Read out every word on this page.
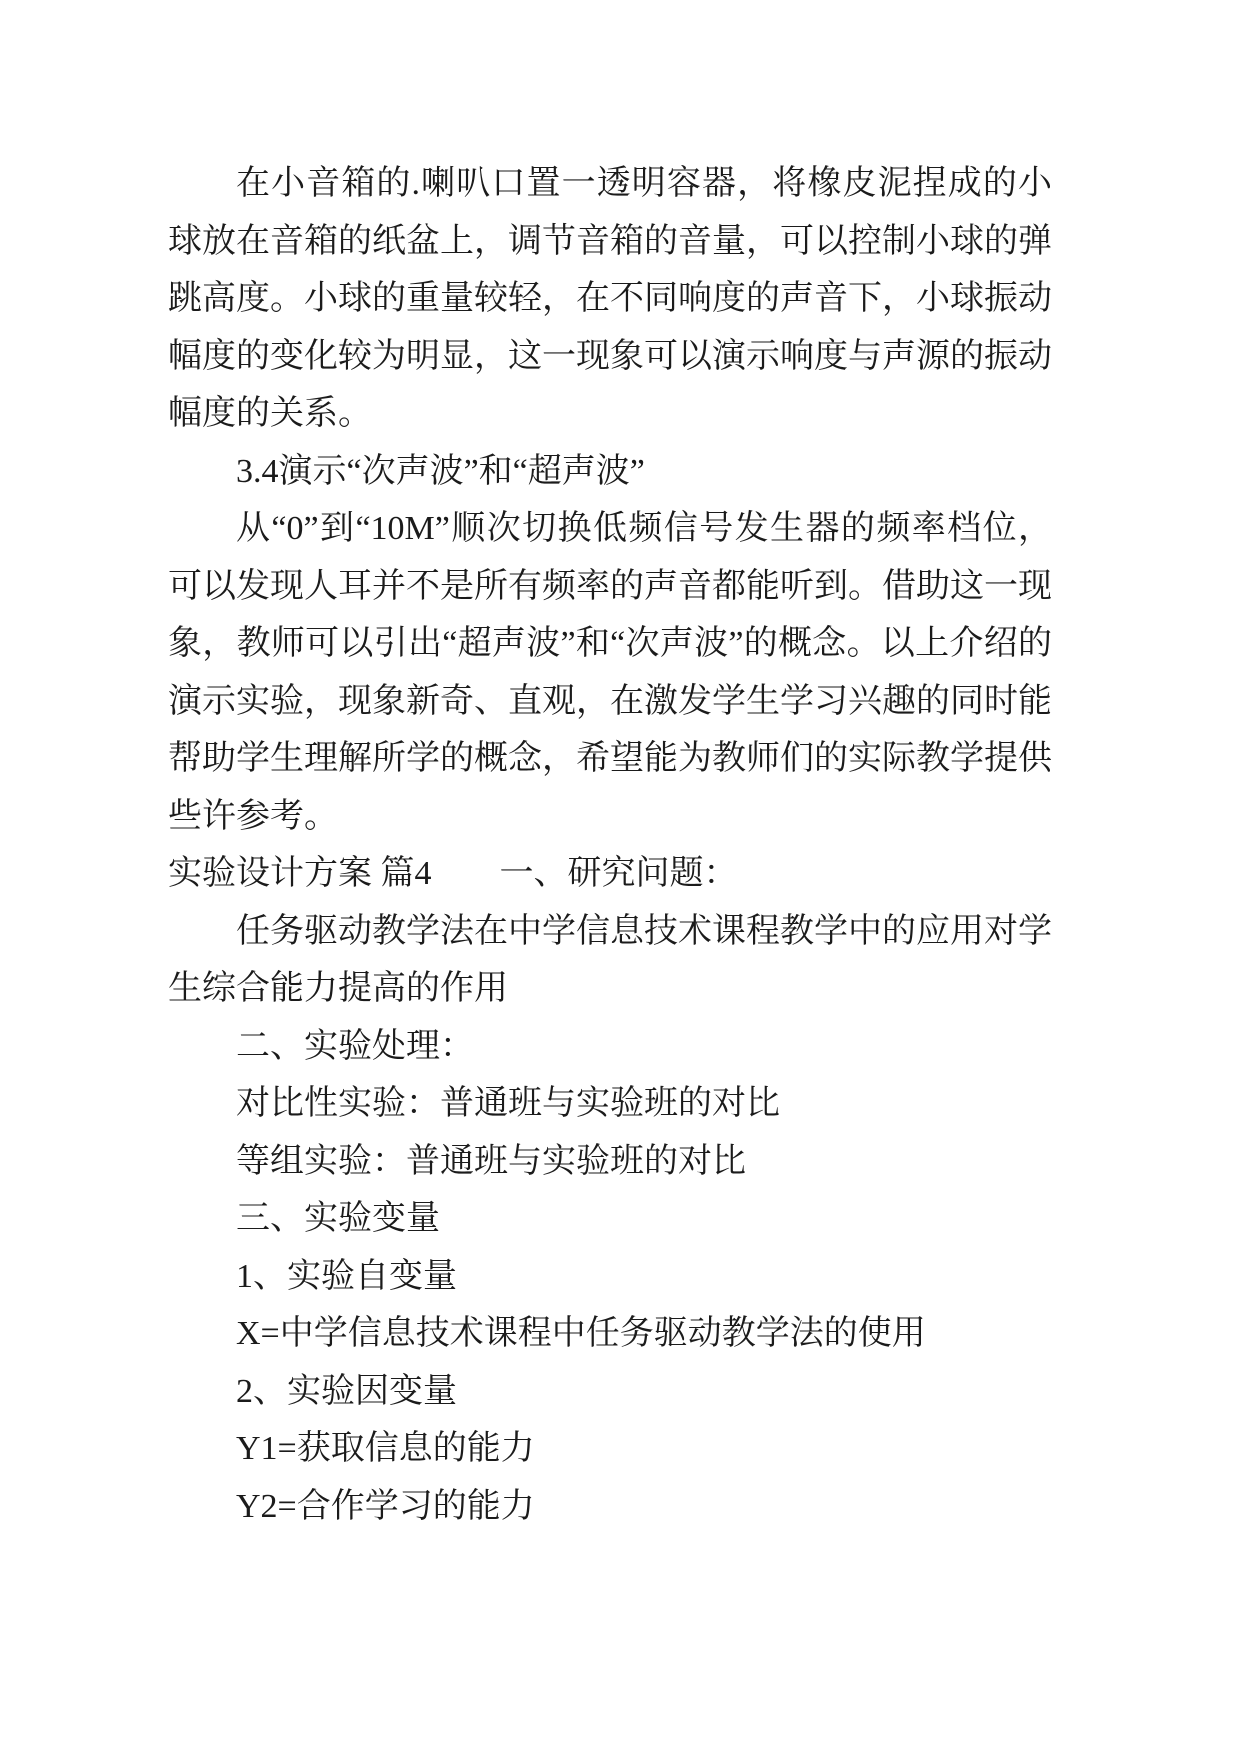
在小音箱的.喇叭口置一透明容器，将橡皮泥捏成的小球放在音箱的纸盆上，调节音箱的音量，可以控制小球的弹跳高度。小球的重量较轻，在不同响度的声音下，小球振动幅度的变化较为明显，这一现象可以演示响度与声源的振动幅度的关系。

3.4演示“次声波”和“超声波”

从“0”到“10M”顺次切换低频信号发生器的频率档位，可以发现人耳并不是所有频率的声音都能听到。借助这一现象，教师可以引出“超声波”和“次声波”的概念。以上介绍的演示实验，现象新奇、直观，在激发学生学习兴趣的同时能帮助学生理解所学的概念，希望能为教师们的实际教学提供些许参考。

实验设计方案 篇4　　一、研究问题：

任务驱动教学法在中学信息技术课程教学中的应用对学生综合能力提高的作用

二、实验处理：

对比性实验：普通班与实验班的对比

等组实验：普通班与实验班的对比

三、实验变量

1、实验自变量

X=中学信息技术课程中任务驱动教学法的使用

2、实验因变量

Y1=获取信息的能力

Y2=合作学习的能力
